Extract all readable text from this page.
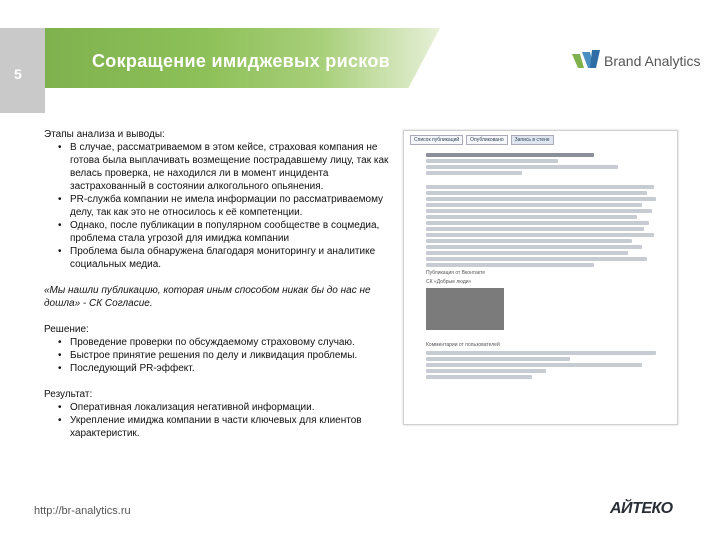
5
Сокращение имиджевых рисков	Brand Analytics

Этапы анализа и выводы:

• В случае, рассматриваемом в этом кейсе, страховая компания не готова была выплачивать возмещение пострадавшему лицу, так как велась проверка, не находился ли в момент инцидента застрахованный в состоянии алкогольного опьянения.
• PR-служба компании не имела информации по рассматриваемому делу, так как это не относилось к её компетенции.
• Однако, после публикации в популярном сообществе в соцмедиа, проблема стала угрозой для имиджа компании
• Проблема была обнаружена благодаря мониторингу и аналитике социальных медиа.

«Мы нашли публикацию, которая иным способом никак бы до нас не дошла» - СК Согласие.

Решение:

• Проведение проверки по обсуждаемому страховому случаю.
• Быстрое принятие решения по делу и ликвидация проблемы.
• Последующий PR-эффект.

Результат:

• Оперативная локализация негативной информации.
• Укрепление имиджа компании в части ключевых для клиентов характеристик.
Список публикаций	Опубликовано	Запись в стене
Публикация от Вконтакте
СК «Добрые люди»
Комментарии от пользователей
http://br-analytics.ru	АЙТЕКО
